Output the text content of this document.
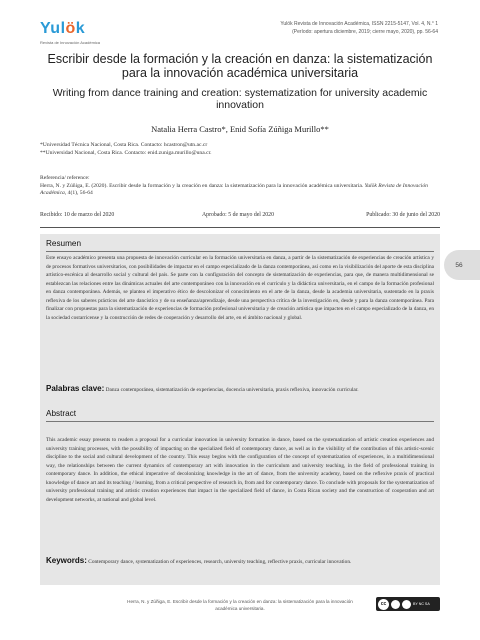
Yulök
Revista de Innovación Académica
Yulök Revista de Innovación Académica, ISSN 2215-5147, Vol. 4, N.° 1
(Período: apertura diciembre, 2019; cierre mayo, 2020), pp. 56-64
Escribir desde la formación y la creación en danza: la sistematización para la innovación académica universitaria
Writing from dance training and creation: systematization for university academic innovation
Natalia Herra Castro*, Enid Sofía Zúñiga Murillo**
*Universidad Técnica Nacional, Costa Rica. Contacto: hcastron@utn.ac.cr
**Universidad Nacional, Costa Rica. Contacto: enid.zuniga.murillo@una.cr.
Referencia/ reference:
Herra, N. y Zúñiga, E. (2020). Escribir desde la formación y la creación en danza: la sistematización para la innovación académica universitaria. Yulök Revista de Innovación Académica, 4(1), 56-64
Recibido: 10 de marzo del 2020	Aprobado: 5 de mayo del 2020	Publicado: 30 de junio del 2020
Resumen
Este ensayo académico presenta una propuesta de innovación curricular en la formación universitaria en danza, a partir de la sistematización de experiencias de creación artística y de procesos formativos universitarios, con posibilidades de impactar en el campo especializado de la danza contemporánea, así como en la visibilización del aporte de esta disciplina artístico-escénica al desarrollo social y cultural del país. Se parte con la configuración del concepto de sistematización de experiencias, para que, de manera multidimensional se establezcan las relaciones entre las dinámicas actuales del arte contemporáneo con la innovación en el currículo y la didáctica universitaria, en el campo de la formación profesional en danza contemporánea. Además, se plantea el imperativo ético de descolonizar el conocimiento en el arte de la danza, desde la academia universitaria, sustentado en la praxis reflexiva de los saberes prácticos del arte dancístico y de su enseñanza/aprendizaje, desde una perspectiva crítica de la investigación en, desde y para la danza contemporánea. Para finalizar con propuestas para la sistematización de experiencias de formación profesional universitaria y de creación artística que impacten en el campo especializado de la danza, en la sociedad costarricense y la construcción de redes de cooperación y desarrollo del arte, en el ámbito nacional y global.
Palabras clave: Danza contemporánea, sistematización de experiencias, docencia universitaria, praxis reflexiva, innovación curricular.
Abstract
This academic essay presents to readers a proposal for a curricular innovation in university formation in dance, based on the systematization of artistic creation experiences and university training processes, with the possibility of impacting on the specialized field of contemporary dance, as well as in the visibility of the contribution of this artistic-scenic discipline to the social and cultural development of the country. This essay begins with the configuration of the concept of systematization of experiences, in a multidimensional way, the relationships between the current dynamics of contemporary art with innovation in the curriculum and university teaching, in the field of professional training in contemporary dance. In addition, the ethical imperative of decolonizing knowledge in the art of dance, from the university academy, based on the reflexive praxis of practical knowledge of dance art and its teaching / learning, from a critical perspective of research in, from and for contemporary dance. To conclude with proposals for the systematization of university professional training and artistic creation experiences that impact in the specialized field of dance, in Costa Rican society and the construction of cooperation and art development networks, at national and global level.
Keywords: Contemporary dance, systematization of experiences, research, university teaching, reflective praxis, curricular innovation.
56
Herra, N. y Zúñiga, E. Escribir desde la formación y la creación en danza: la sistematización para la innovación académica universitaria.
cc	BY NC SA
